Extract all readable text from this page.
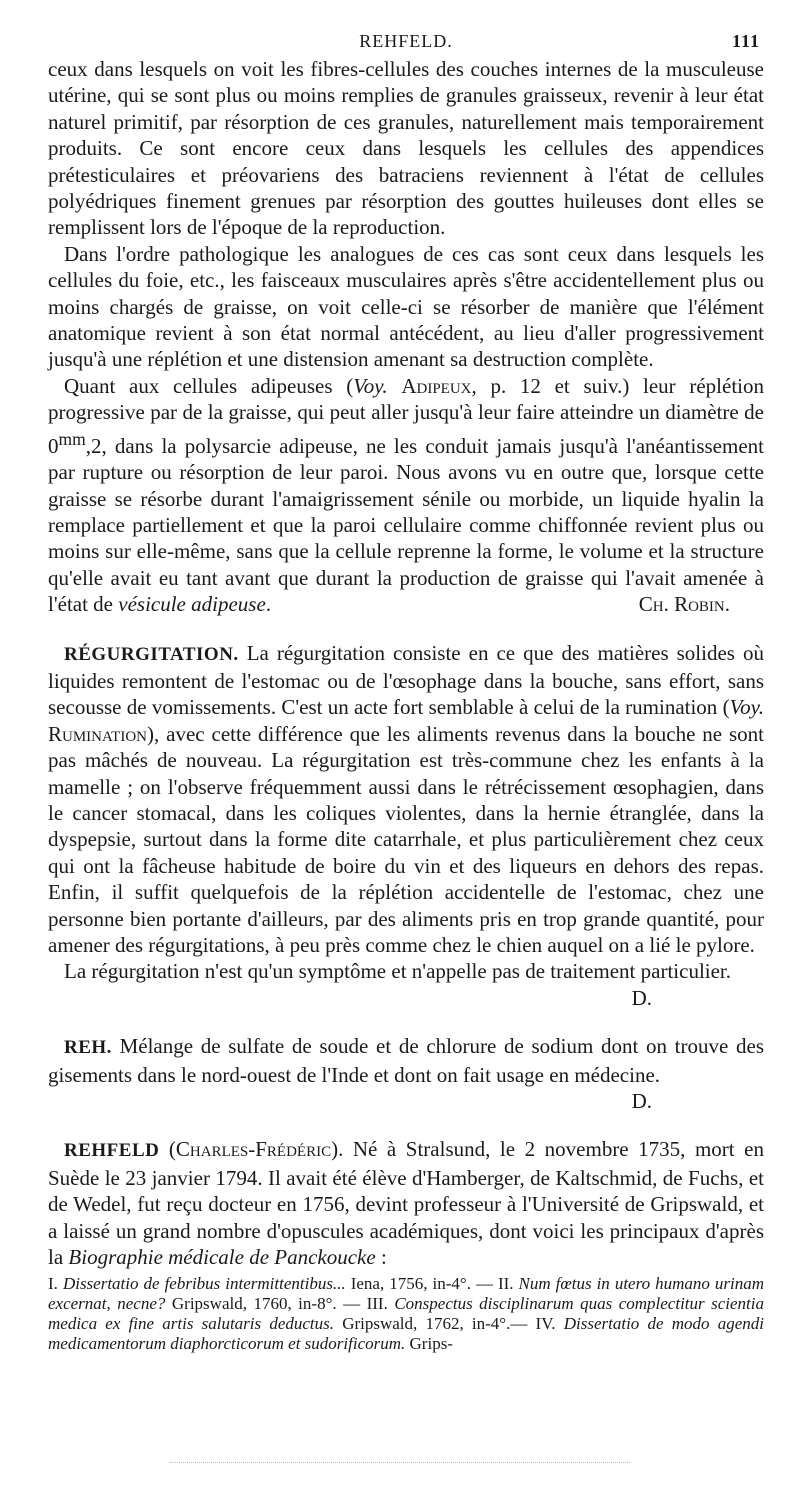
REHFELD.	111

ceux dans lesquels on voit les fibres-cellules des couches internes de la musculeuse utérine, qui se sont plus ou moins remplies de granules graisseux, revenir à leur état naturel primitif, par résorption de ces granules, naturellement mais temporairement produits. Ce sont encore ceux dans lesquels les cellules des appendices prétesticulaires et préovariens des batraciens reviennent à l'état de cellules polyédriques finement grenues par résorption des gouttes huileuses dont elles se remplissent lors de l'époque de la reproduction.

Dans l'ordre pathologique les analogues de ces cas sont ceux dans lesquels les cellules du foie, etc., les faisceaux musculaires après s'être accidentellement plus ou moins chargés de graisse, on voit celle-ci se résorber de manière que l'élément anatomique revient à son état normal antécédent, au lieu d'aller progressivement jusqu'à une réplétion et une distension amenant sa destruction complète.

Quant aux cellules adipeuses (Voy. Adipeux, p. 12 et suiv.) leur réplétion progressive par de la graisse, qui peut aller jusqu'à leur faire atteindre un diamètre de $0^{mm},2$, dans la polysarcie adipeuse, ne les conduit jamais jusqu'à l'anéantissement par rupture ou résorption de leur paroi. Nous avons vu en outre que, lorsque cette graisse se résorbe durant l'amaigrissement sénile ou morbide, un liquide hyalin la remplace partiellement et que la paroi cellulaire comme chiffonnée revient plus ou moins sur elle-même, sans que la cellule reprenne la forme, le volume et la structure qu'elle avait eu tant avant que durant la production de graisse qui l'avait amenée à l'état de vésicule adipeuse.	Ch. Robin.

RÉGURGITATION. La régurgitation consiste en ce que des matières solides où liquides remontent de l'estomac ou de l'œsophage dans la bouche, sans effort, sans secousse de vomissements. C'est un acte fort semblable à celui de la rumination (Voy. Rumination), avec cette différence que les aliments revenus dans la bouche ne sont pas mâchés de nouveau. La régurgitation est très-commune chez les enfants à la mamelle ; on l'observe fréquemment aussi dans le rétrécissement œsophagien, dans le cancer stomacal, dans les coliques violentes, dans la hernie étranglée, dans la dyspepsie, surtout dans la forme dite catarrhale, et plus particulièrement chez ceux qui ont la fâcheuse habitude de boire du vin et des liqueurs en dehors des repas. Enfin, il suffit quelquefois de la réplétion accidentelle de l'estomac, chez une personne bien portante d'ailleurs, par des aliments pris en trop grande quantité, pour amener des régurgitations, à peu près comme chez le chien auquel on a lié le pylore.

La régurgitation n'est qu'un symptôme et n'appelle pas de traitement particulier.

D.

REH. Mélange de sulfate de soude et de chlorure de sodium dont on trouve des gisements dans le nord-ouest de l'Inde et dont on fait usage en médecine.

D.

REHFELD (Charles-Frédéric). Né à Stralsund, le 2 novembre 1735, mort en Suède le 23 janvier 1794. Il avait été élève d'Hamberger, de Kaltschmid, de Fuchs, et de Wedel, fut reçu docteur en 1756, devint professeur à l'Université de Gripswald, et a laissé un grand nombre d'opuscules académiques, dont voici les principaux d'après la Biographie médicale de Panckoucke :

I. Dissertatio de febribus intermittentibus... Iena, 1756, in-4°. — II. Num fœtus in utero humano urinam excernat, necne? Gripswald, 1760, in-8°. — III. Conspectus disciplinarum quas complectitur scientia medica ex fine artis salutaris deductus. Gripswald, 1762, in-4°.— IV. Dissertatio de modo agendi medicamentorum diaphorcticorum et sudorificorum. Grips-
